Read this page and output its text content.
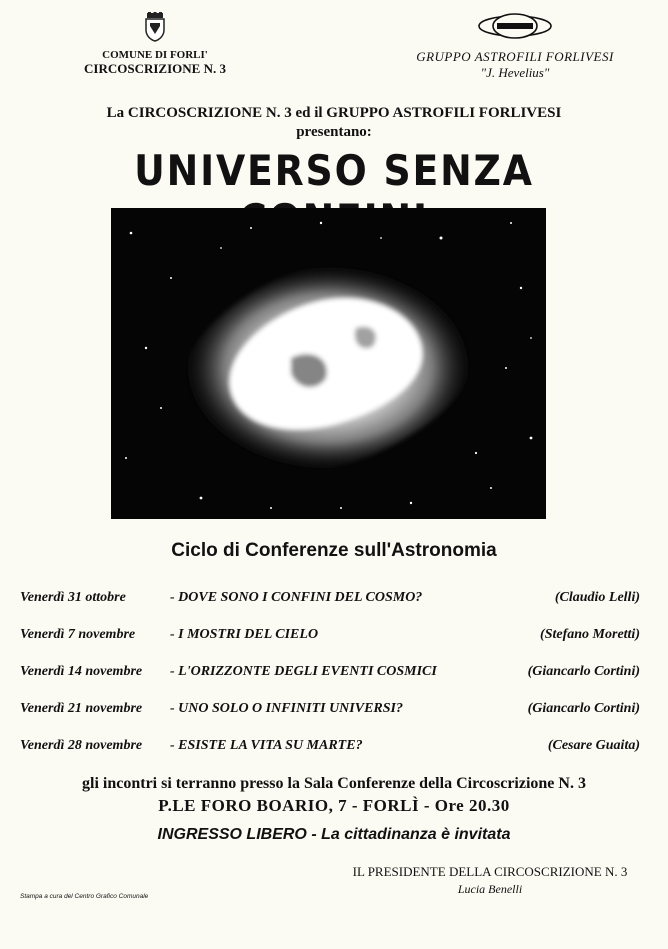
COMUNE DI FORLI'
CIRCOSCRIZIONE N. 3
GRUPPO ASTROFILI FORLIVESI
"J. Hevelius"
La CIRCOSCRIZIONE N. 3 ed il GRUPPO ASTROFILI FORLIVESI
presentano:
UNIVERSO SENZA
Ciclo di Conferenze sull'Astronomia
Venerdì 31 ottobre	- DOVE SONO I CONFINI DEL COSMO?	(Claudio Lelli)
Venerdì 7 novembre - I MOSTRI DEL CIELO	(Stefano Moretti)
Venerdì 14 novembre - L'ORIZZONTE DEGLI EVENTI COSMICI	(Giancarlo Cortini)
Venerdì 21 novembre - UNO SOLO O INFINITI UNIVERSI?	(Giancarlo Cortini)
Venerdì 28 novembre - ESISTE LA VITA SU MARTE?	(Cesare Guaita)
gli incontri si terranno presso la Sala Conferenze della Circoscrizione N. 3
P.LE FORO BOARIO, 7 - FORLÌ - Ore 20.30
INGRESSO LIBERO - La cittadinanza è invitata
IL PRESIDENTE DELLA CIRCOSCRIZIONE N. 3
Lucia Benelli
Stampa a cura del Centro Grafico Comunale
